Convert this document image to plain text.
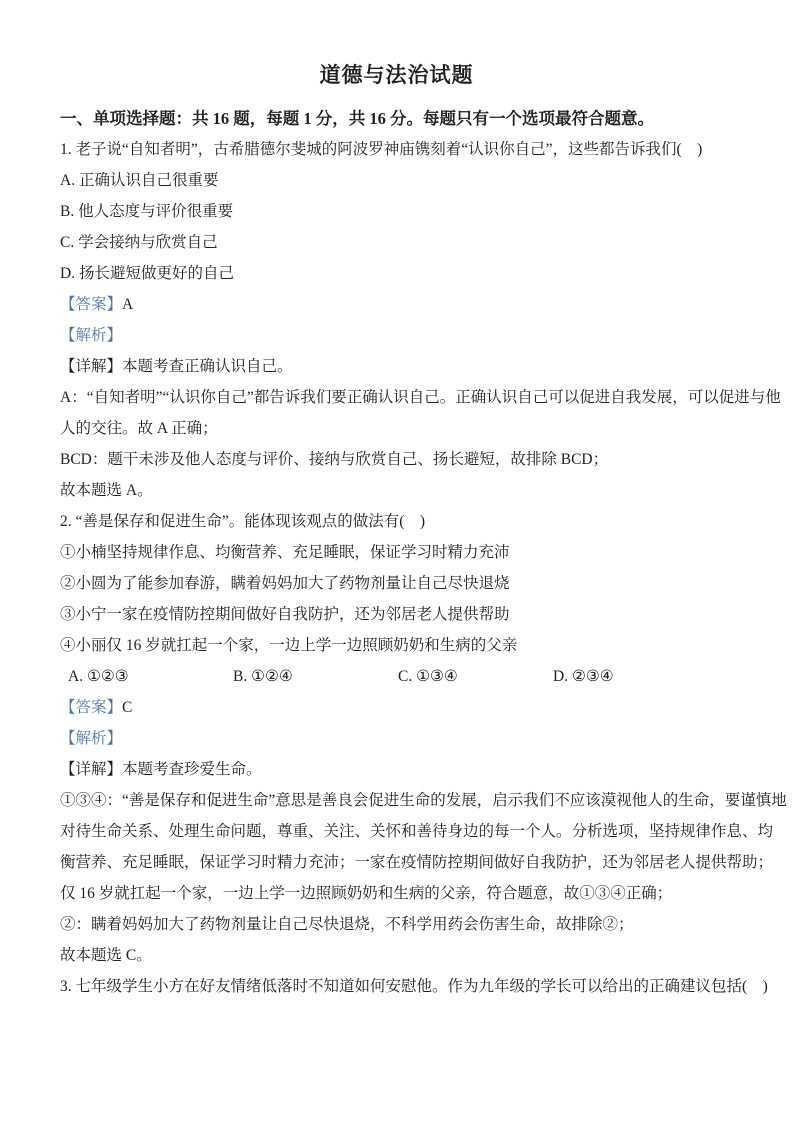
道德与法治试题
一、单项选择题：共 16 题，每题 1 分，共 16 分。每题只有一个选项最符合题意。
1. 老子说“自知者明”，古希腊德尔斐城的阿波罗神庙镌刻着“认识你自己”，这些都告诉我们(　)
A. 正确认识自己很重要
B. 他人态度与评价很重要
C. 学会接纳与欣赏自己
D. 扬长避短做更好的自己
【答案】A
【解析】
【详解】本题考查正确认识自己。
A：“自知者明”“认识你自己”都告诉我们要正确认识自己。正确认识自己可以促进自我发展，可以促进与他
人的交往。故 A 正确；
BCD：题干未涉及他人态度与评价、接纳与欣赏自己、扬长避短，故排除 BCD；
故本题选 A。
2. “善是保存和促进生命”。能体现该观点的做法有(　)
①小楠坚持规律作息、均衡营养、充足睡眠，保证学习时精力充沛
②小圆为了能参加春游，瞒着妈妈加大了药物剂量让自己尽快退烧
③小宁一家在疫情防控期间做好自我防护，还为邻居老人提供帮助
④小丽仅 16 岁就扛起一个家，一边上学一边照顾奶奶和生病的父亲
A. ①②③	B. ①②④	C. ①③④	D. ②③④
【答案】C
【解析】
【详解】本题考查珍爱生命。
①③④：“善是保存和促进生命”意思是善良会促进生命的发展，启示我们不应该漠视他人的生命，要谨慎地
对待生命关系、处理生命问题，尊重、关注、关怀和善待身边的每一个人。分析选项，坚持规律作息、均
衡营养、充足睡眠，保证学习时精力充沛；一家在疫情防控期间做好自我防护，还为邻居老人提供帮助；
仅 16 岁就扛起一个家，一边上学一边照顾奶奶和生病的父亲，符合题意，故①③④正确；
②：瞒着妈妈加大了药物剂量让自己尽快退烧，不科学用药会伤害生命，故排除②；
故本题选 C。
3. 七年级学生小方在好友情绪低落时不知道如何安慰他。作为九年级的学长可以给出的正确建议包括(　)
